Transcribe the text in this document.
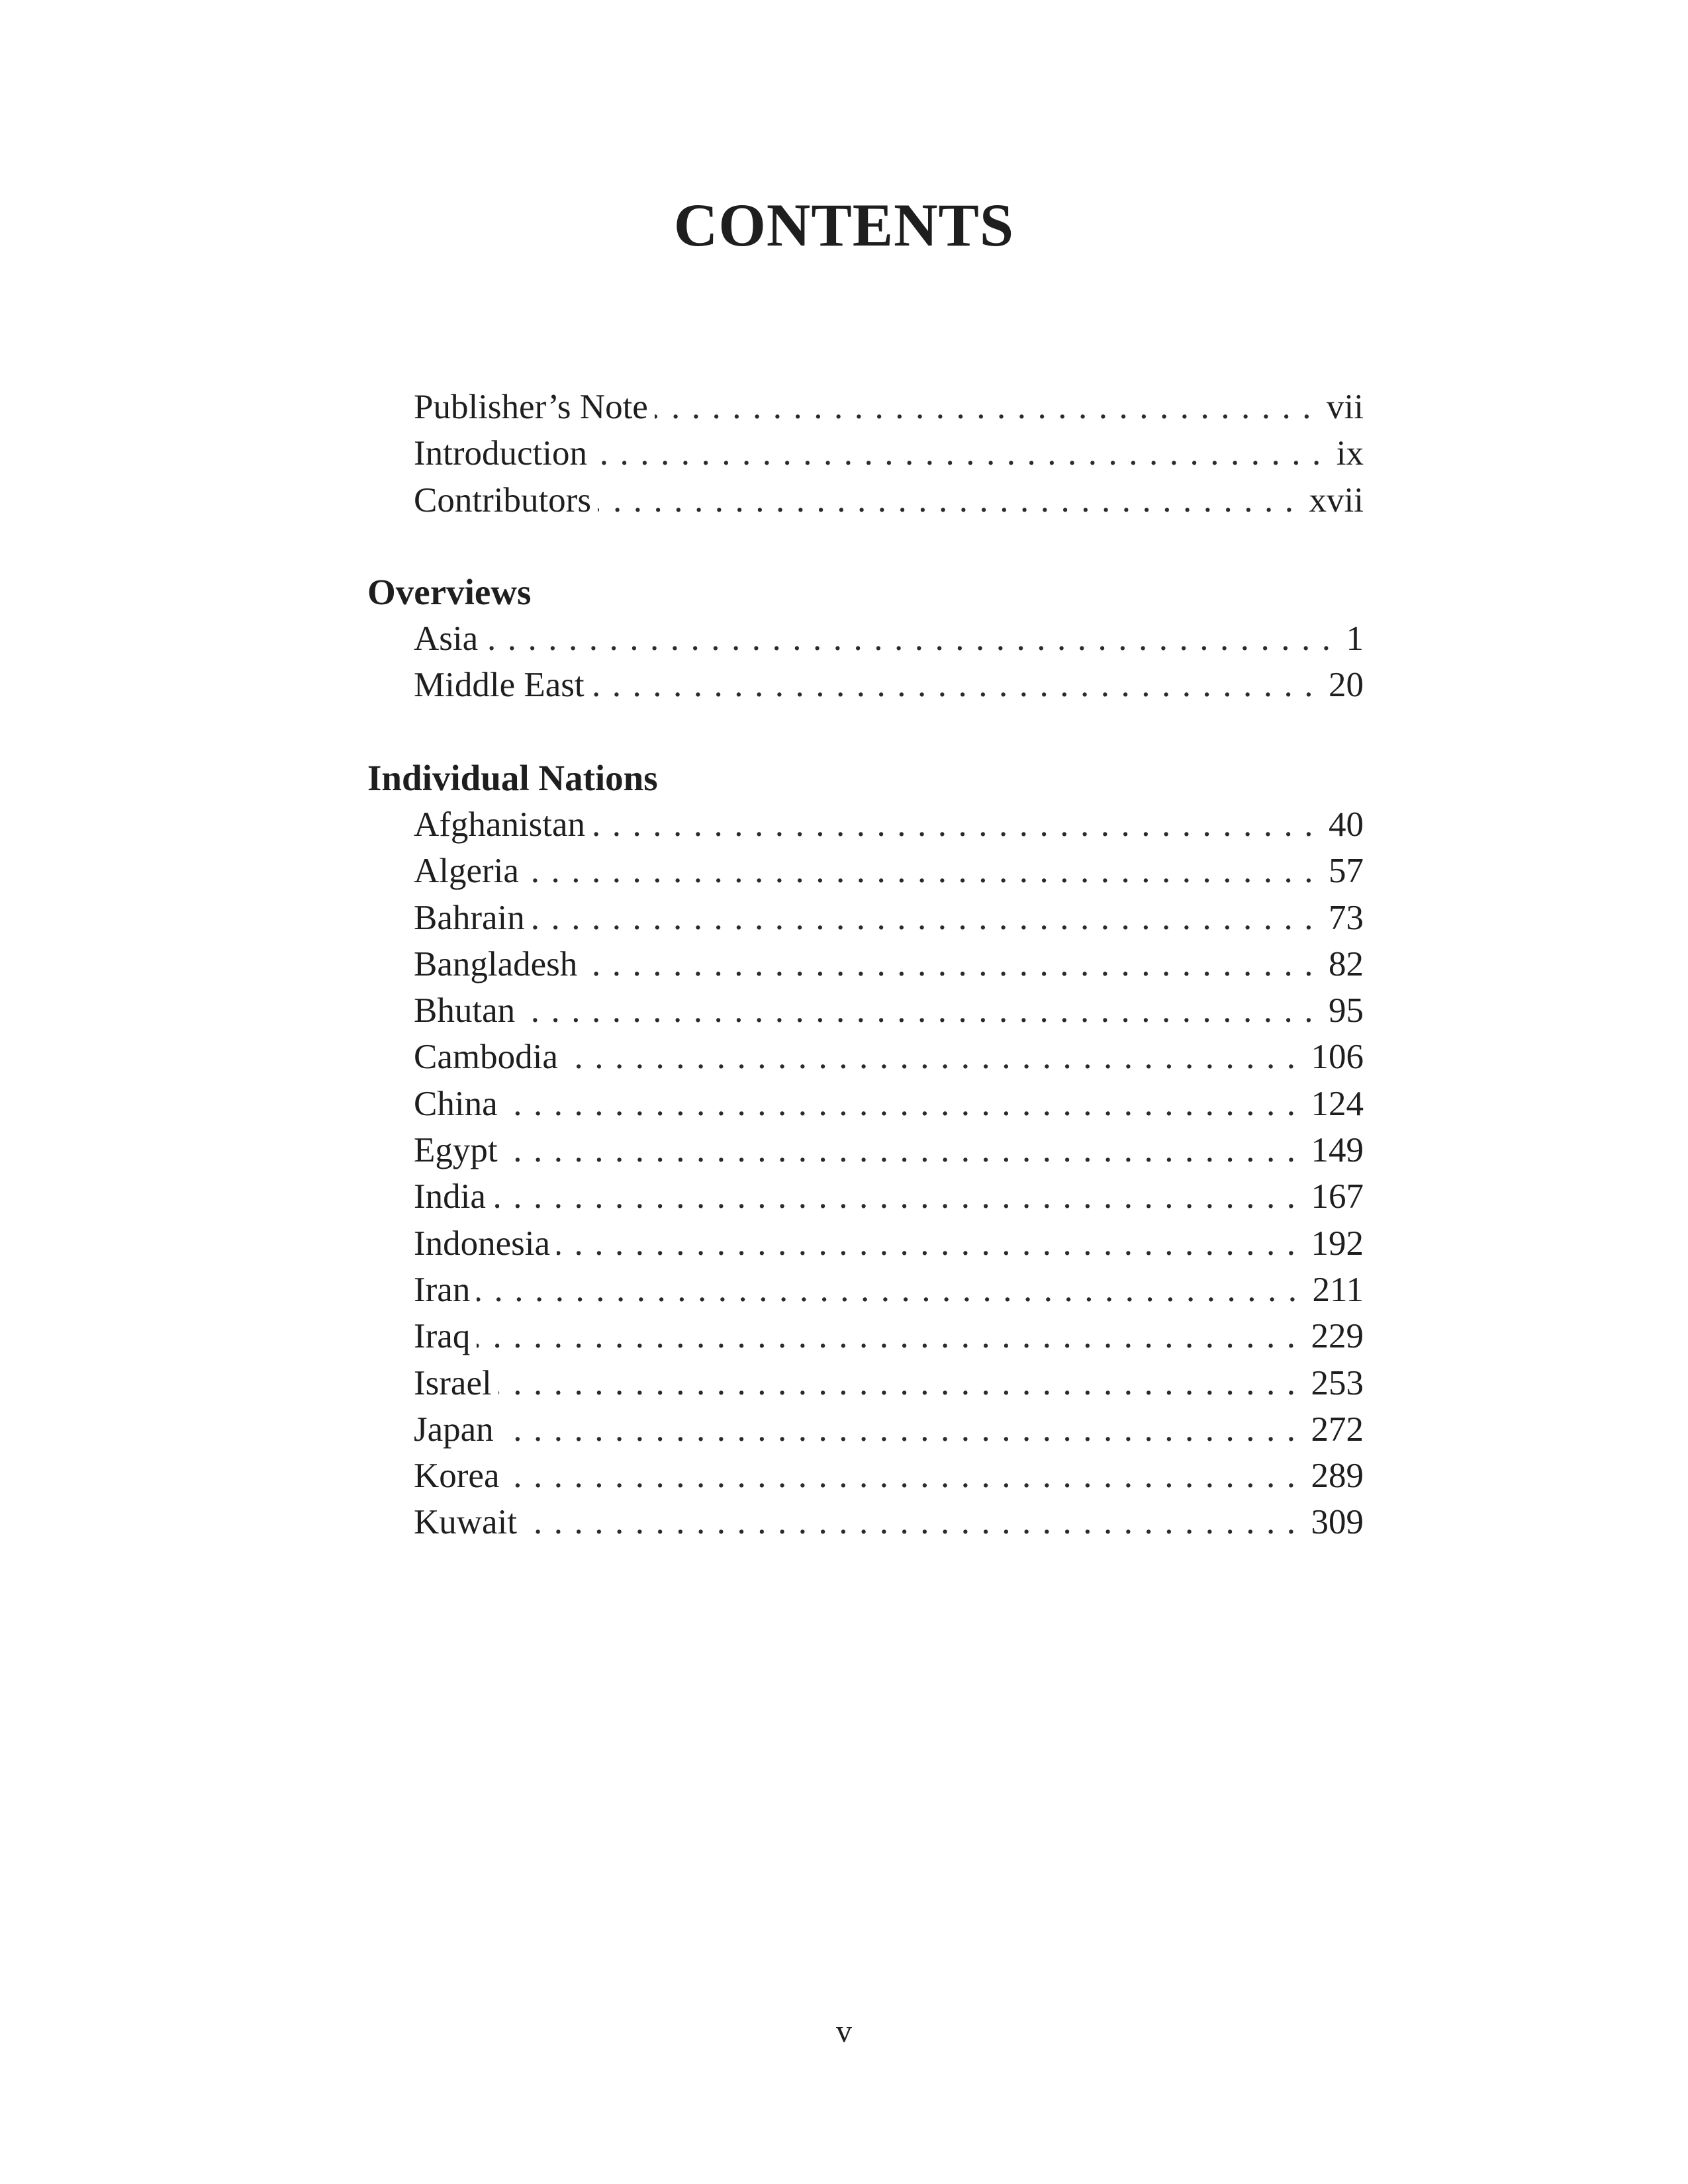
CONTENTS
Publisher’s Note .....	vii
Introduction .....	ix
Contributors .....	xvii
Overviews
Asia .....	1
Middle East .....	20
Individual Nations
Afghanistan .....	40
Algeria .....	57
Bahrain .....	73
Bangladesh .....	82
Bhutan .....	95
Cambodia .....	106
China .....	124
Egypt .....	149
India .....	167
Indonesia .....	192
Iran .....	211
Iraq .....	229
Israel .....	253
Japan .....	272
Korea .....	289
Kuwait .....	309
v
